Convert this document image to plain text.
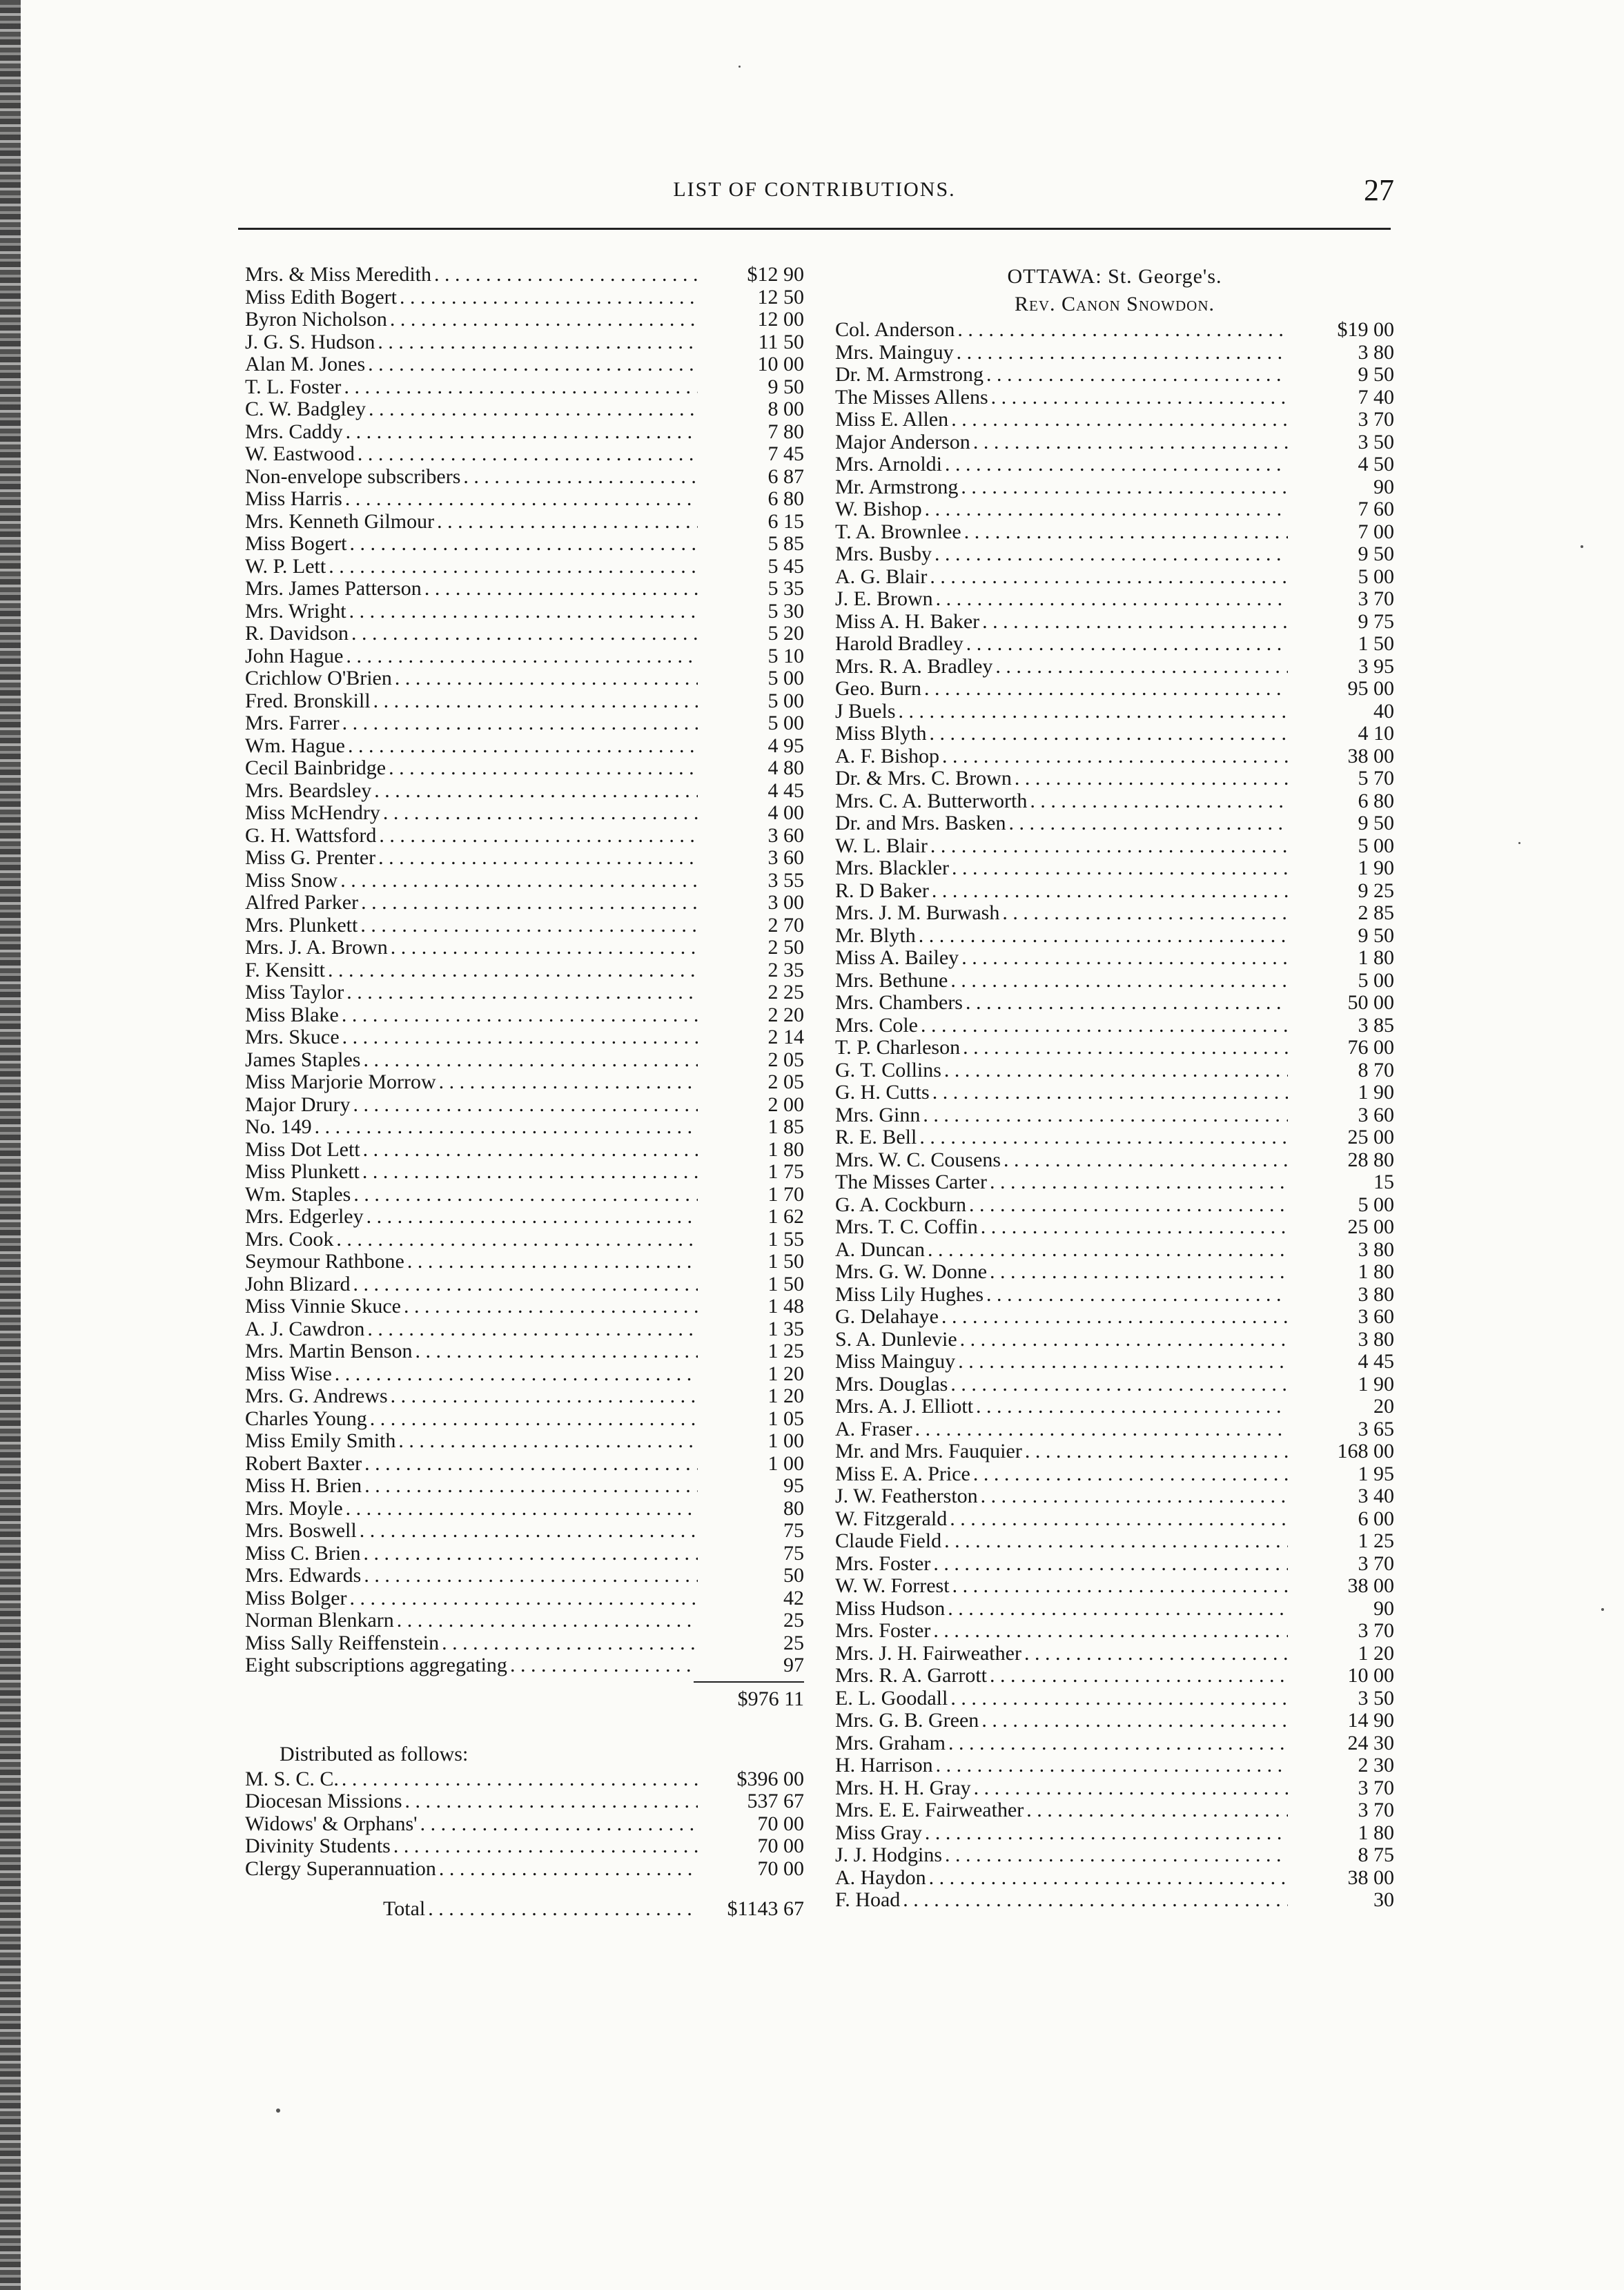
LIST OF CONTRIBUTIONS.	27
Mrs. & Miss Meredith . . .	$12 90
Miss Edith Bogert . . .	12 50
Byron Nicholson . . .	12 00
J. G. S. Hudson . . .	11 50
Alan M. Jones . . .	10 00
T. L. Foster . . .	9 50
C. W. Badgley . . .	8 00
Mrs. Caddy . . .	7 80
W. Eastwood . . .	7 45
Non-envelope subscribers . . .	6 87
Miss Harris . . .	6 80
Mrs. Kenneth Gilmour . . .	6 15
Miss Bogert . . .	5 85
W. P. Lett . . .	5 45
Mrs. James Patterson . . .	5 35
Mrs. Wright . . .	5 30
R. Davidson . . .	5 20
John Hague . . .	5 10
Crichlow O'Brien . . .	5 00
Fred. Bronskill . . .	5 00
Mrs. Farrer . . .	5 00
Wm. Hague . . .	4 95
Cecil Bainbridge . . .	4 80
Mrs. Beardsley . . .	4 45
Miss McHendry . . .	4 00
G. H. Wattsford . . .	3 60
Miss G. Prenter . . .	3 60
Miss Snow . . .	3 55
Alfred Parker . . .	3 00
Mrs. Plunkett . . .	2 70
Mrs. J. A. Brown . . .	2 50
F. Kensitt . . .	2 35
Miss Taylor . . .	2 25
Miss Blake . . .	2 20
Mrs. Skuce . . .	2 14
James Staples . . .	2 05
Miss Marjorie Morrow . . .	2 05
Major Drury . . .	2 00
No. 149 . . .	1 85
Miss Dot Lett . . .	1 80
Miss Plunkett . . .	1 75
Wm. Staples . . .	1 70
Mrs. Edgerley . . .	1 62
Mrs. Cook . . .	1 55
Seymour Rathbone . . .	1 50
John Blizard . . .	1 50
Miss Vinnie Skuce . . .	1 48
A. J. Cawdron . . .	1 35
Mrs. Martin Benson . . .	1 25
Miss Wise . . .	1 20
Mrs. G. Andrews . . .	1 20
Charles Young . . .	1 05
Miss Emily Smith . . .	1 00
Robert Baxter . . .	1 00
Miss H. Brien . . .	95
Mrs. Moyle . . .	80
Mrs. Boswell . . .	75
Miss C. Brien . . .	75
Mrs. Edwards . . .	50
Miss Bolger . . .	42
Norman Blenkarn . . .	25
Miss Sally Reiffenstein . . .	25
Eight subscriptions aggregating . . .	97
$976 11
Distributed as follows:
M. S. C. C. . . .	$396 00
Diocesan Missions . . .	537 67
Widows' & Orphans' . . .	70 00
Divinity Students . . .	70 00
Clergy Superannuation . . .	70 00
Total . . .	$1143 67
OTTAWA: St. George's.
Rev. Canon Snowdon.
Col. Anderson . . .	$19 00
Mrs. Mainguy . . .	3 80
Dr. M. Armstrong . . .	9 50
The Misses Allens . . .	7 40
Miss E. Allen . . .	3 70
Major Anderson . . .	3 50
Mrs. Arnoldi . . .	4 50
Mr. Armstrong . . .	90
W. Bishop . . .	7 60
T. A. Brownlee . . .	7 00
Mrs. Busby . . .	9 50
A. G. Blair . . .	5 00
J. E. Brown . . .	3 70
Miss A. H. Baker . . .	9 75
Harold Bradley . . .	1 50
Mrs. R. A. Bradley . . .	3 95
Geo. Burn . . .	95 00
J Buels . . .	40
Miss Blyth . . .	4 10
A. F. Bishop . . .	38 00
Dr. & Mrs. C. Brown . . .	5 70
Mrs. C. A. Butterworth . . .	6 80
Dr. and Mrs. Basken . . .	9 50
W. L. Blair . . .	5 00
Mrs. Blackler . . .	1 90
R. D Baker . . .	9 25
Mrs. J. M. Burwash . . .	2 85
Mr. Blyth . . .	9 50
Miss A. Bailey . . .	1 80
Mrs. Bethune . . .	5 00
Mrs. Chambers . . .	50 00
Mrs. Cole . . .	3 85
T. P. Charleson . . .	76 00
G. T. Collins . . .	8 70
G. H. Cutts . . .	1 90
Mrs. Ginn . . .	3 60
R. E. Bell . . .	25 00
Mrs. W. C. Cousens . . .	28 80
The Misses Carter . . .	15
G. A. Cockburn . . .	5 00
Mrs. T. C. Coffin . . .	25 00
A. Duncan . . .	3 80
Mrs. G. W. Donne . . .	1 80
Miss Lily Hughes . . .	3 80
G. Delahaye . . .	3 60
S. A. Dunlevie . . .	3 80
Miss Mainguy . . .	4 45
Mrs. Douglas . . .	1 90
Mrs. A. J. Elliott . . .	20
A. Fraser . . .	3 65
Mr. and Mrs. Fauquier . . .	168 00
Miss E. A. Price . . .	1 95
J. W. Featherston . . .	3 40
W. Fitzgerald . . .	6 00
Claude Field . . .	1 25
Mrs. Foster . . .	3 70
W. W. Forrest . . .	38 00
Miss Hudson . . .	90
Mrs. Foster . . .	3 70
Mrs. J. H. Fairweather . . .	1 20
Mrs. R. A. Garrott . . .	10 00
E. L. Goodall . . .	3 50
Mrs. G. B. Green . . .	14 90
Mrs. Graham . . .	24 30
H. Harrison . . .	2 30
Mrs. H. H. Gray . . .	3 70
Mrs. E. E. Fairweather . . .	3 70
Miss Gray . . .	1 80
J. J. Hodgins . . .	8 75
A. Haydon . . .	38 00
F. Hoad . . .	30
